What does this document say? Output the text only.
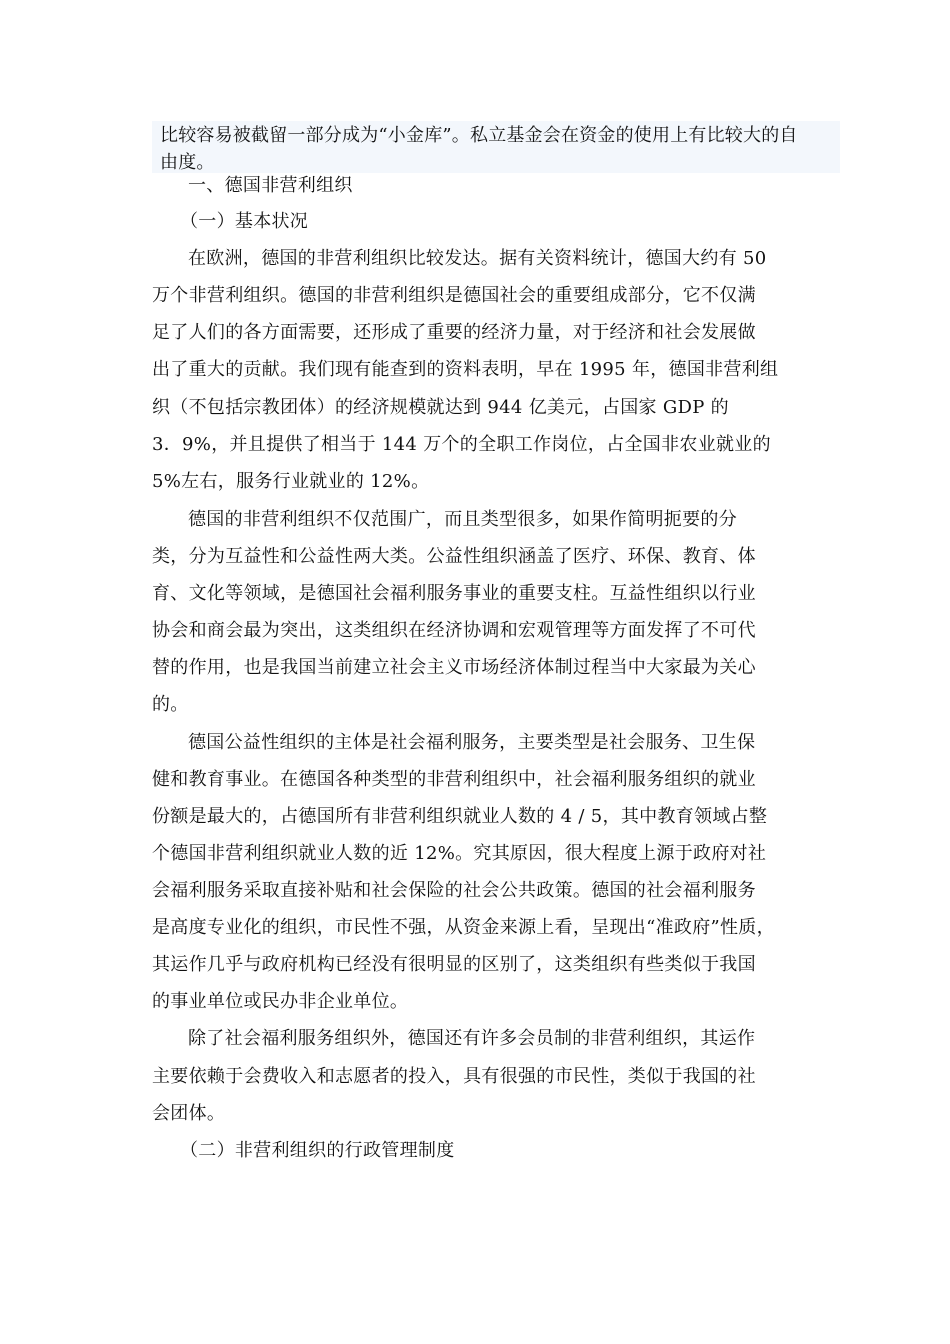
比较容易被截留一部分成为“小金库”。私立基金会在资金的使用上有比较大的自

由度。

一、德国非营利组织
（一）基本状况
在欧洲，德国的非营利组织比较发达。据有关资料统计，德国大约有 50
万个非营利组织。德国的非营利组织是德国社会的重要组成部分，它不仅满
足了人们的各方面需要，还形成了重要的经济力量，对于经济和社会发展做
出了重大的贡献。我们现有能查到的资料表明，早在 1995 年，德国非营利组
织（不包括宗教团体）的经济规模就达到 944 亿美元，占国家 GDP 的
3．9%，并且提供了相当于 144 万个的全职工作岗位，占全国非农业就业的
5%左右，服务行业就业的 12%。
德国的非营利组织不仅范围广，而且类型很多，如果作简明扼要的分
类，分为互益性和公益性两大类。公益性组织涵盖了医疗、环保、教育、体
育、文化等领域，是德国社会福利服务事业的重要支柱。互益性组织以行业
协会和商会最为突出，这类组织在经济协调和宏观管理等方面发挥了不可代
替的作用，也是我国当前建立社会主义市场经济体制过程当中大家最为关心
的。
德国公益性组织的主体是社会福利服务，主要类型是社会服务、卫生保
健和教育事业。在德国各种类型的非营利组织中，社会福利服务组织的就业
份额是最大的，占德国所有非营利组织就业人数的 4 / 5，其中教育领域占整
个德国非营利组织就业人数的近 12%。究其原因，很大程度上源于政府对社
会福利服务采取直接补贴和社会保险的社会公共政策。德国的社会福利服务
是高度专业化的组织，市民性不强，从资金来源上看，呈现出“准政府”性质，
其运作几乎与政府机构已经没有很明显的区别了，这类组织有些类似于我国
的事业单位或民办非企业单位。
除了社会福利服务组织外，德国还有许多会员制的非营利组织，其运作
主要依赖于会费收入和志愿者的投入，具有很强的市民性，类似于我国的社
会团体。
（二）非营利组织的行政管理制度
